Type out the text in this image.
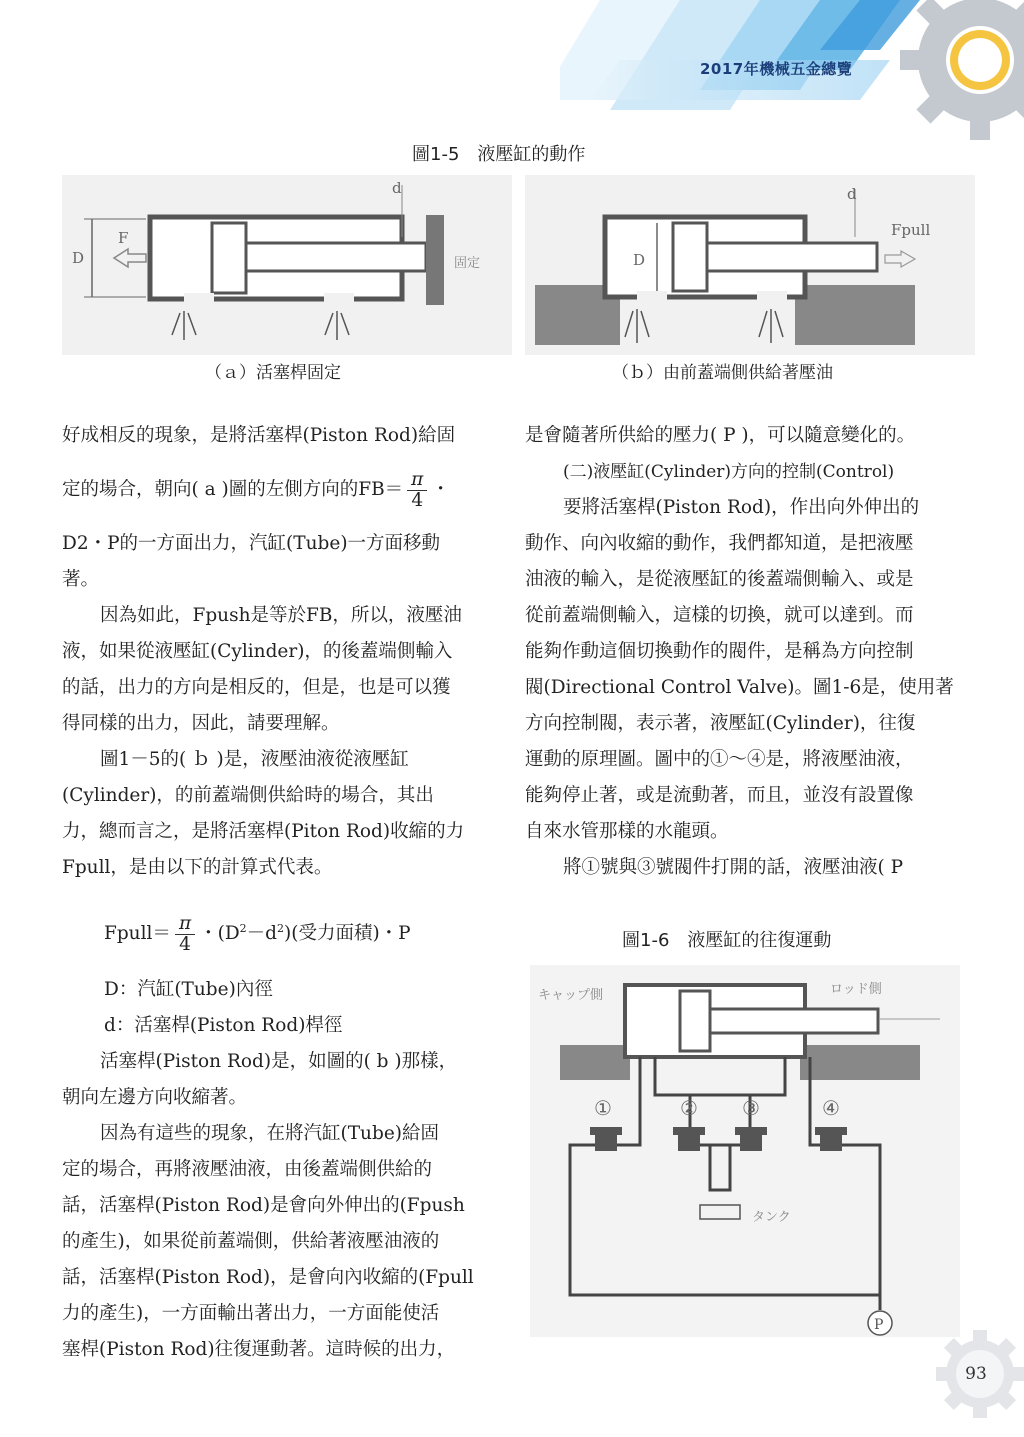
2017年機械五金總覽
圖1-5　液壓缸的動作
D
F
d
固定
（ａ）活塞桿固定
D
d
Fpull
固定
（ｂ）由前蓋端側供給著壓油
好成相反的現象，是將活塞桿(Piston Rod)給固
定的場合，朝向( a )圖的左側方向的$FB= \frac{\pi}{4}$ ・
D2・P的一方面出力，汽缸(Tube)一方面移動
著。
因為如此，Fpush是等於FB，所以，液壓油
液，如果從液壓缸(Cylinder)，的後蓋端側輸入
的話，出力的方向是相反的，但是，也是可以獲
得同樣的出力，因此，請要理解。
圖1－5的( ｂ )是，液壓油液從液壓缸
(Cylinder)，的前蓋端側供給時的場合，其出
力，總而言之，是將活塞桿(Piton Rod)收縮的力
Fpull，是由以下的計算式代表。
Fpull＝ $\frac{\pi}{4}$ ・$(D^2-d^2)$(受力面積)・P
D：汽缸(Tube)內徑
d：活塞桿(Piston Rod)桿徑
活塞桿(Piston Rod)是，如圖的( b )那樣，
朝向左邊方向收縮著。
因為有這些的現象，在將汽缸(Tube)給固
定的場合，再將液壓油液，由後蓋端側供給的
話，活塞桿(Piston Rod)是會向外伸出的(Fpush
的產生)，如果從前蓋端側，供給著液壓油液的
話，活塞桿(Piston Rod)，是會向內收縮的(Fpull
力的產生)，一方面輸出著出力，一方面能使活
塞桿(Piston Rod)往復運動著。這時候的出力，
是會隨著所供給的壓力( P )，可以隨意變化的。
(二)液壓缸(Cylinder)方向的控制(Control)
要將活塞桿(Piston Rod)，作出向外伸出的
動作、向內收縮的動作，我們都知道，是把液壓
油液的輸入，是從液壓缸的後蓋端側輸入、或是
從前蓋端側輸入，這樣的切換，就可以達到。而
能夠作動這個切換動作的閥件，是稱為方向控制
閥(Directional Control Valve)。圖1-6是，使用著
方向控制閥，表示著，液壓缸(Cylinder)，往復
運動的原理圖。圖中的①～④是，將液壓油液，
能夠停止著，或是流動著，而且，並沒有設置像
自來水管那樣的水龍頭。
將①號與③號閥件打開的話，液壓油液( P
圖1-6　液壓缸的往復運動
キャップ側	ロッド側
①	② ③	④
タンク
P
93
